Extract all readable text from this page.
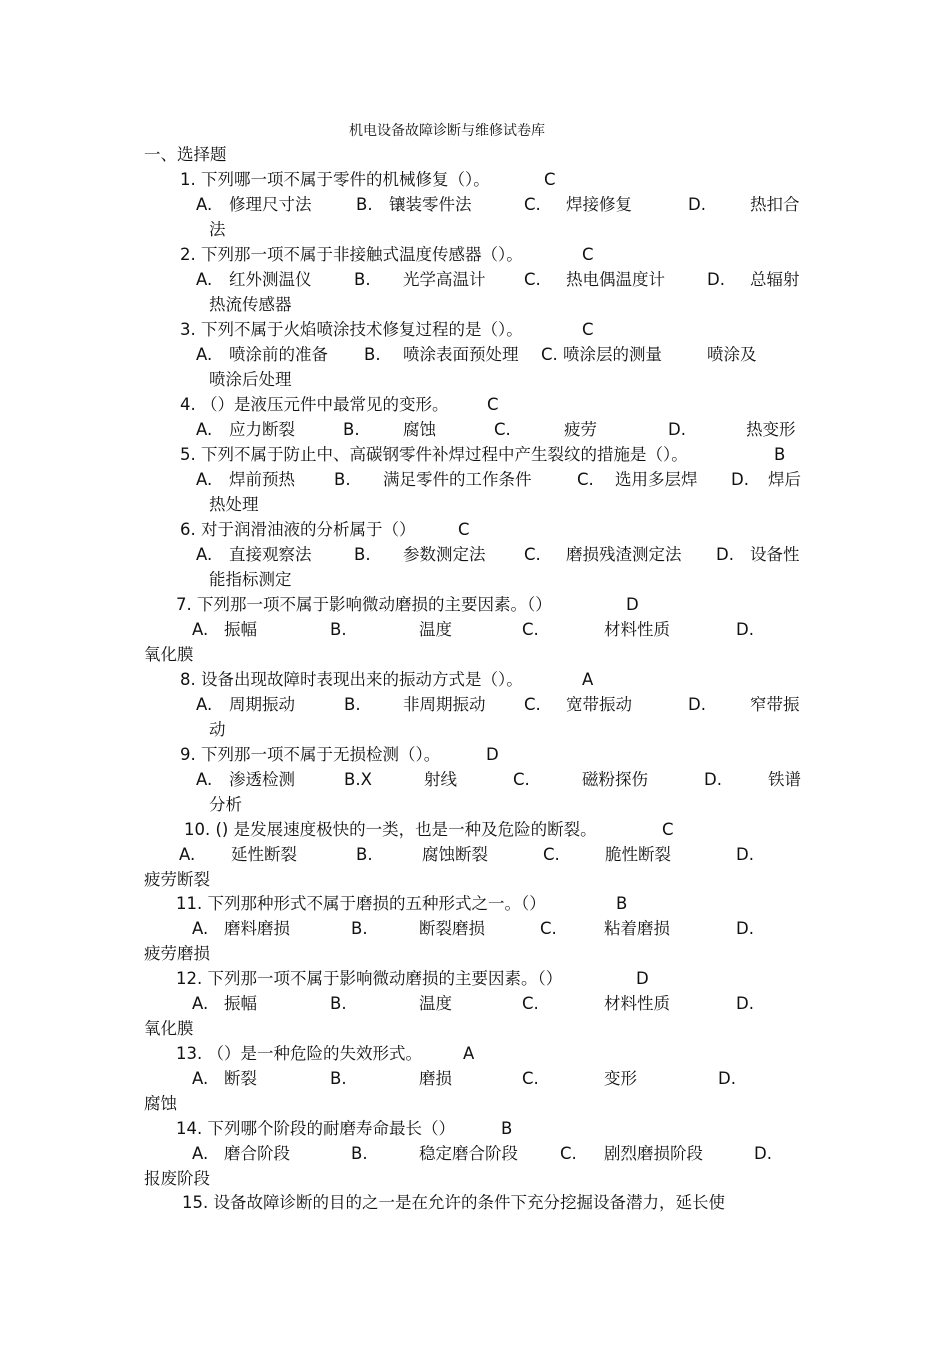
机电设备故障诊断与维修试卷库
一、选择题
1. 下列哪一项不属于零件的机械修复（）。	C
A. 修理尺寸法	B. 镶装零件法	C. 焊接修复	D.	热扣合
法
2. 下列那一项不属于非接触式温度传感器（）。	C
A. 红外测温仪	B. 光学高温计 C. 热电偶温度计	D. 总辐射
热流传感器
3. 下列不属于火焰喷涂技术修复过程的是（）。	C
A. 喷涂前的准备 B. 喷涂表面预处理 C. 喷涂层的测量	喷涂及
喷涂后处理
4. （）是液压元件中最常见的变形。 C
A. 应力断裂	B.	腐蚀	C.	疲劳	D.	热变形
5. 下列不属于防止中、高碳钢零件补焊过程中产生裂纹的措施是（）。	B
A. 焊前预热 B. 满足零件的工作条件	C. 选用多层焊 D. 焊后
热处理
6. 对于润滑油液的分析属于（）	C
A. 直接观察法	B. 参数测定法 C. 磨损残渣测定法 D. 设备性
能指标测定
7. 下列那一项不属于影响微动磨损的主要因素。（）	D
A. 振幅	B.	温度	C.	材料性质	D.
氧化膜
8. 设备出现故障时表现出来的振动方式是（）。	A
A. 周期振动	B.	非周期振动 C. 宽带振动	D.	窄带振
动
9. 下列那一项不属于无损检测（）。	D
A. 渗透检测	B.X	射线	C.	磁粉探伤	D.	铁谱
分析
10. () 是发展速度极快的一类，也是一种及危险的断裂。	C
A. 延性断裂	B.	腐蚀断裂	C.	脆性断裂	D.
疲劳断裂
11. 下列那种形式不属于磨损的五种形式之一。（）	B
A. 磨料磨损	B.	断裂磨损	C.	粘着磨损	D.
疲劳磨损
12. 下列那一项不属于影响微动磨损的主要因素。（）	D
A. 振幅	B.	温度	C.	材料性质	D.
氧化膜
13. （）是一种危险的失效形式。 A
A. 断裂	B.	磨损	C.	变形	D.
腐蚀
14. 下列哪个阶段的耐磨寿命最长（）	B
A. 磨合阶段	B.	稳定磨合阶段	C. 剧烈磨损阶段	D.
报废阶段
15. 设备故障诊断的目的之一是在允许的条件下充分挖掘设备潜力，延长使
